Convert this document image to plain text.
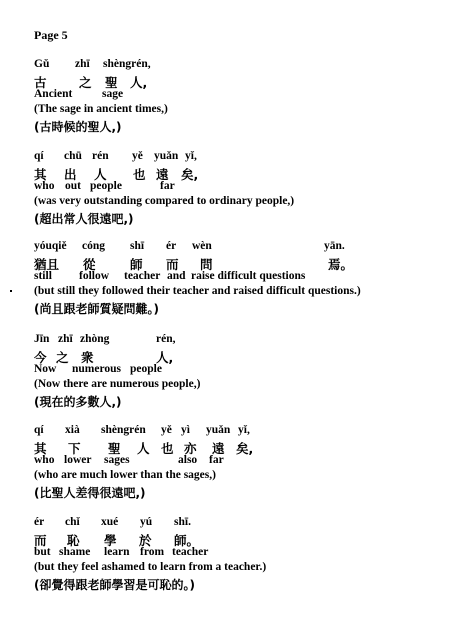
Page 5
Gǔ zhī shèngrén,
古	之 聖 人,
Ancient	sage
(The sage in ancient times,)
(古時候的聖人,)
qí chū rén yě yuǎn yǐ,
其 出 人 也 遠 矣,
who out people	far
(was very outstanding compared to ordinary people,)
(超出常人很遠吧,)
yóuqiě cóng shī ér wèn	yān.
猶且 從	師 而 問	焉。
still follow teacher and raise difficult questions
(but still they followed their teacher and raised difficult questions.)
(尚且跟老師質疑問難。)
Jīn zhī zhòng	rén,
今 之 衆	人,
Now numerous people
(Now there are numerous people,)
(現在的多數人,)
qí xià shèngrén yě yì yuǎn yǐ,
其 下 聖 人 也 亦 遠 矣,
who lower sages	also far
(who are much lower than the sages,)
(比聖人差得很遠吧,)
ér chǐ xué yú shī.
而 恥 學 於 師。
but shame learn from teacher
(but they feel ashamed to learn from a teacher.)
(卻覺得跟老師學習是可恥的。)
